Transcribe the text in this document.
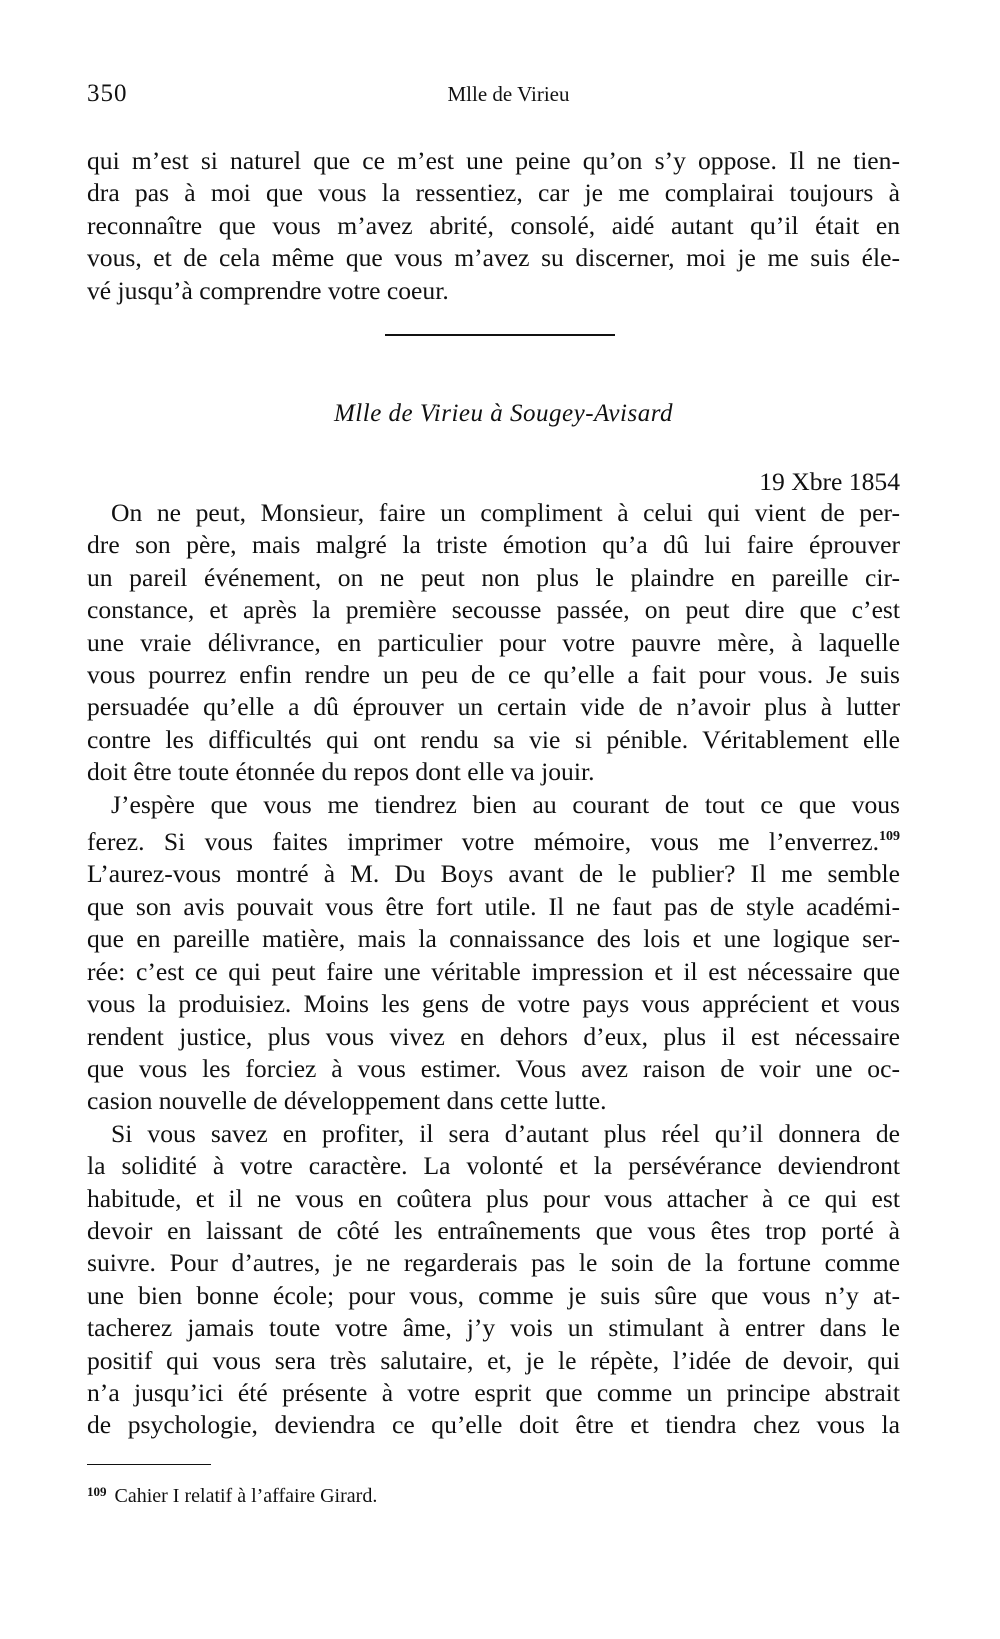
350	Mlle de Virieu

qui m’est si naturel que ce m’est une peine qu’on s’y oppose. Il ne tien-
dra pas à moi que vous la ressentiez, car je me complairai toujours à
reconnaître que vous m’avez abrité, consolé, aidé autant qu’il était en
vous, et de cela même que vous m’avez su discerner, moi je me suis éle-
vé jusqu’à comprendre votre coeur.

Mlle de Virieu à Sougey-Avisard
19 Xbre 1854

On ne peut, Monsieur, faire un compliment à celui qui vient de per-
dre son père, mais malgré la triste émotion qu’a dû lui faire éprouver
un pareil événement, on ne peut non plus le plaindre en pareille cir-
constance, et après la première secousse passée, on peut dire que c’est
une vraie délivrance, en particulier pour votre pauvre mère, à laquelle
vous pourrez enfin rendre un peu de ce qu’elle a fait pour vous. Je suis
persuadée qu’elle a dû éprouver un certain vide de n’avoir plus à lutter
contre les difficultés qui ont rendu sa vie si pénible. Véritablement elle
doit être toute étonnée du repos dont elle va jouir.

J’espère que vous me tiendrez bien au courant de tout ce que vous
ferez. Si vous faites imprimer votre mémoire, vous me l’enverrez.$^{109}$
L’aurez-vous montré à M. Du Boys avant de le publier? Il me semble
que son avis pouvait vous être fort utile. Il ne faut pas de style académi-
que en pareille matière, mais la connaissance des lois et une logique ser-
rée: c’est ce qui peut faire une véritable impression et il est nécessaire que
vous la produisiez. Moins les gens de votre pays vous apprécient et vous
rendent justice, plus vous vivez en dehors d’eux, plus il est nécessaire
que vous les forciez à vous estimer. Vous avez raison de voir une oc-
casion nouvelle de développement dans cette lutte.

Si vous savez en profiter, il sera d’autant plus réel qu’il donnera de
la solidité à votre caractère. La volonté et la persévérance deviendront
habitude, et il ne vous en coûtera plus pour vous attacher à ce qui est
devoir en laissant de côté les entraînements que vous êtes trop porté à
suivre. Pour d’autres, je ne regarderais pas le soin de la fortune comme
une bien bonne école; pour vous, comme je suis sûre que vous n’y at-
tacherez jamais toute votre âme, j’y vois un stimulant à entrer dans le
positif qui vous sera très salutaire, et, je le répète, l’idée de devoir, qui
n’a jusqu’ici été présente à votre esprit que comme un principe abstrait
de psychologie, deviendra ce qu’elle doit être et tiendra chez vous la

$^{109}$ Cahier I relatif à l’affaire Girard.
